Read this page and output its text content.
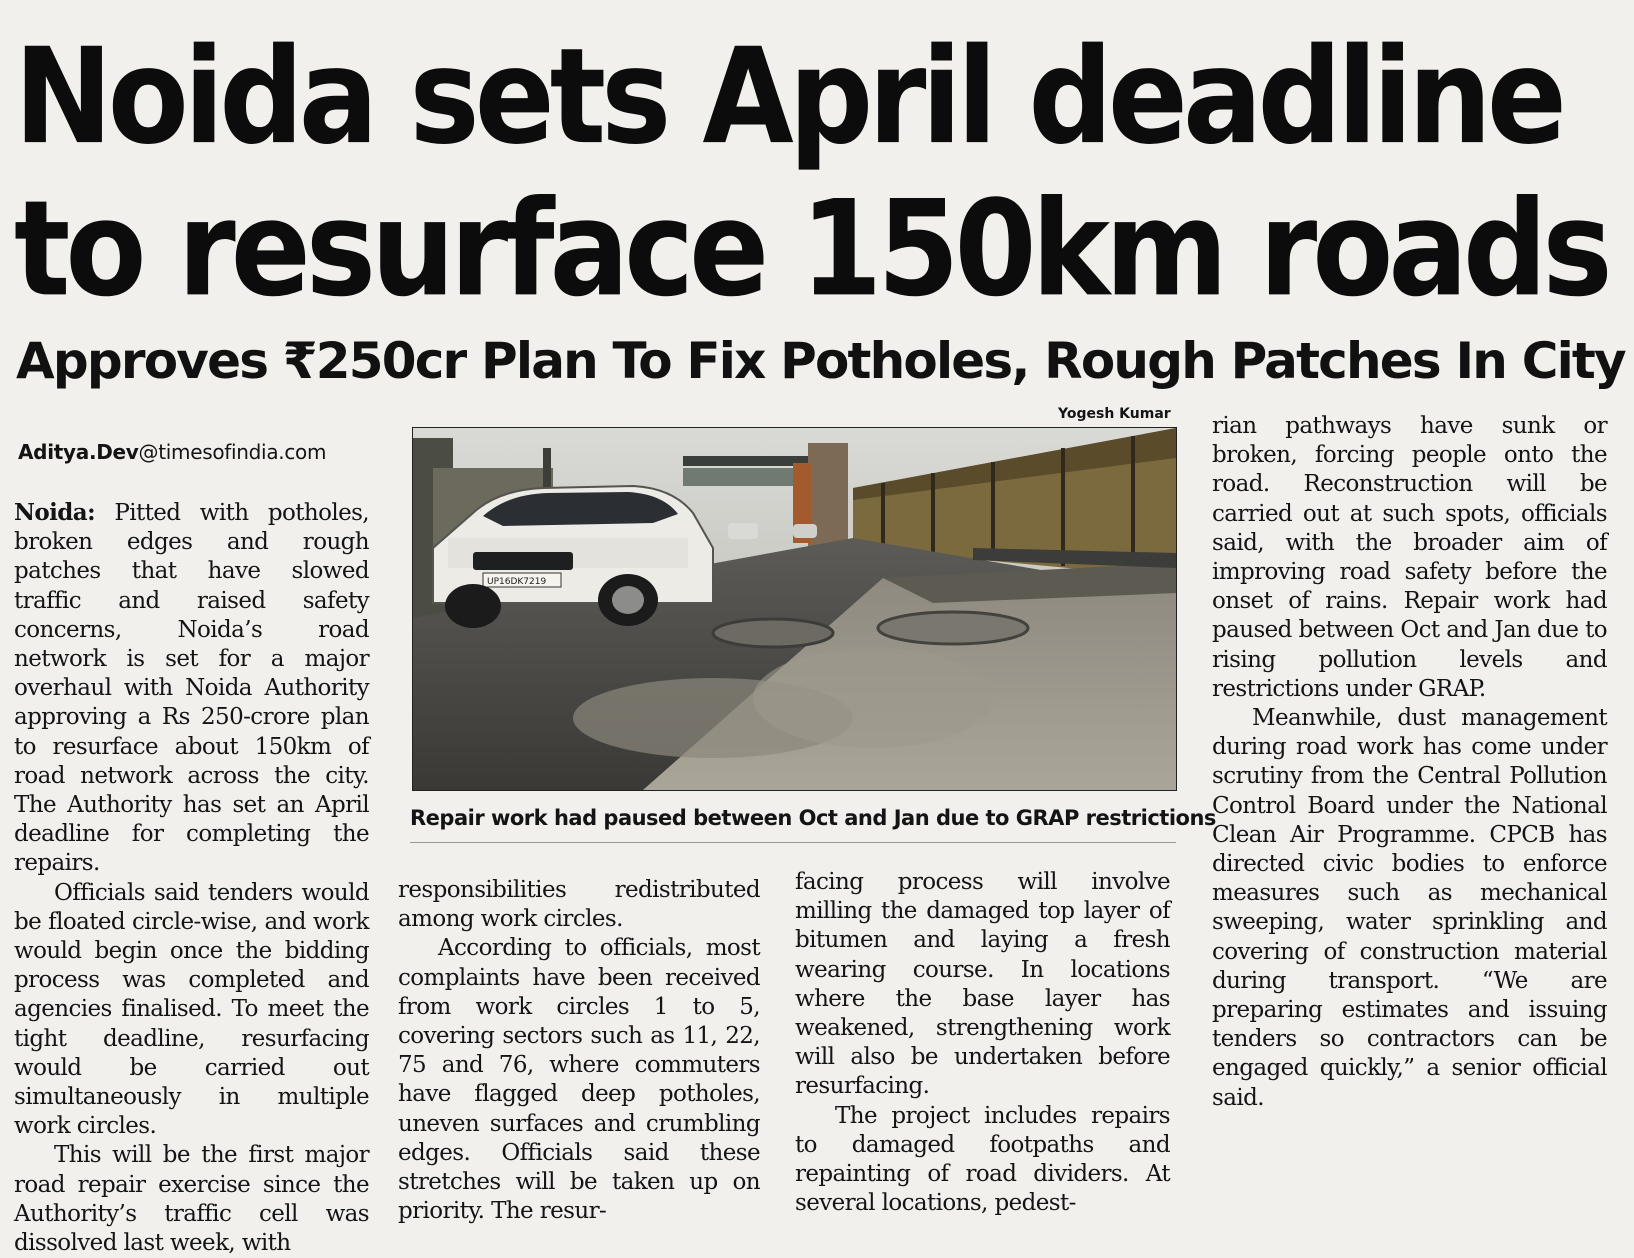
Noida sets April deadline
to resurface 150km roads
Approves ₹250cr Plan To Fix Potholes, Rough Patches In City
Aditya.Dev@timesofindia.com
Yogesh Kumar
UP16DK7219
Repair work had paused between Oct and Jan due to GRAP restrictions

Noida: Pitted with potholes, broken edges and rough patches that have slowed traffic and raised safety concerns, Noida’s road network is set for a major overhaul with Noida Authority approving a Rs 250-crore plan to resurface about 150km of road network across the city. The Authority has set an April deadline for completing the repairs.

Officials said tenders would be floated circle-wise, and work would begin once the bidding process was completed and agencies finalised. To meet the tight deadline, resurfacing would be carried out simultaneously in multiple work circles.

This will be the first major road repair exercise since the Authority’s traffic cell was dissolved last week, with

responsibilities redistributed among work circles.

According to officials, most complaints have been received from work circles 1 to 5, covering sectors such as 11, 22, 75 and 76, where commuters have flagged deep potholes, uneven surfaces and crumbling edges. Officials said these stretches will be taken up on priority. The resur-

facing process will involve milling the damaged top layer of bitumen and laying a fresh wearing course. In locations where the base layer has weakened, strengthening work will also be undertaken before resurfacing.

The project includes repairs to damaged footpaths and repainting of road dividers. At several locations, pedest-

rian pathways have sunk or broken, forcing people onto the road. Reconstruction will be carried out at such spots, officials said, with the broader aim of improving road safety before the onset of rains. Repair work had paused between Oct and Jan due to rising pollution levels and restrictions under GRAP.

Meanwhile, dust management during road work has come under scrutiny from the Central Pollution Control Board under the National Clean Air Programme. CPCB has directed civic bodies to enforce measures such as mechanical sweeping, water sprinkling and covering of construction material during transport. “We are preparing estimates and issuing tenders so contractors can be engaged quickly,” a senior official said.
